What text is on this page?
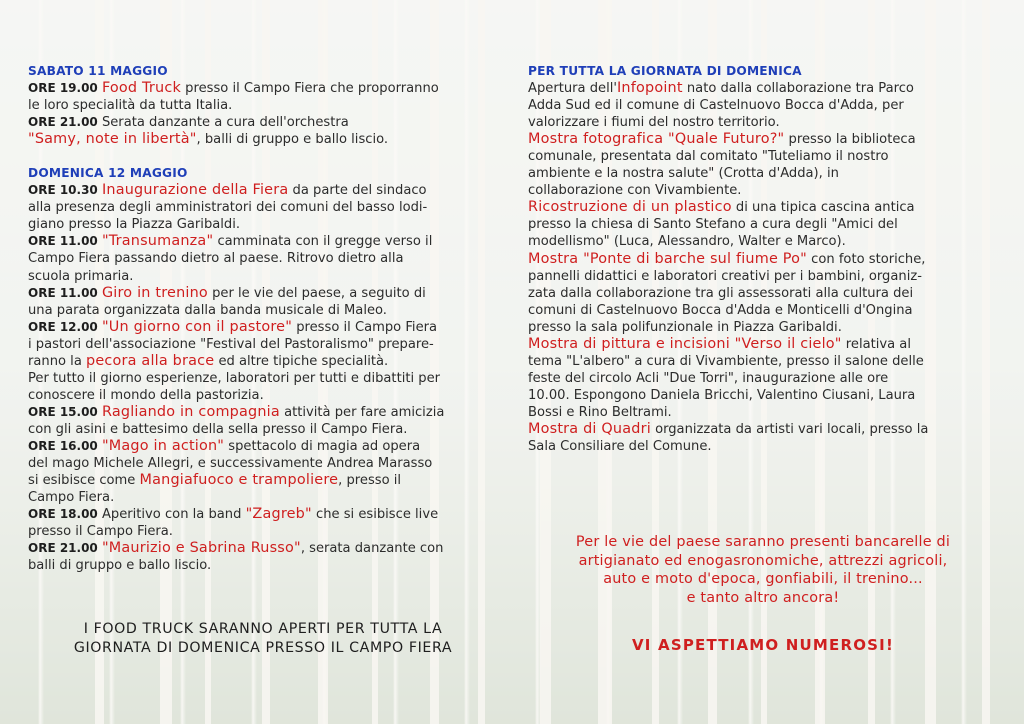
SABATO 11 MAGGIO
ORE 19.00 Food Truck presso il Campo Fiera che proporranno
le loro specialità da tutta Italia.
ORE 21.00 Serata danzante a cura dell'orchestra
"Samy, note in libertà", balli di gruppo e ballo liscio.
DOMENICA 12 MAGGIO
ORE 10.30 Inaugurazione della Fiera da parte del sindaco
alla presenza degli amministratori dei comuni del basso lodi-
giano presso la Piazza Garibaldi.
ORE 11.00 "Transumanza" camminata con il gregge verso il
Campo Fiera passando dietro al paese. Ritrovo dietro alla
scuola primaria.
ORE 11.00 Giro in trenino per le vie del paese, a seguito di
una parata organizzata dalla banda musicale di Maleo.
ORE 12.00 "Un giorno con il pastore" presso il Campo Fiera
i pastori dell'associazione "Festival del Pastoralismo" prepare-
ranno la pecora alla brace ed altre tipiche specialità.
Per tutto il giorno esperienze, laboratori per tutti e dibattiti per
conoscere il mondo della pastorizia.
ORE 15.00 Ragliando in compagnia attività per fare amicizia
con gli asini e battesimo della sella presso il Campo Fiera.
ORE 16.00 "Mago in action" spettacolo di magia ad opera
del mago Michele Allegri, e successivamente Andrea Marasso
si esibisce come Mangiafuoco e trampoliere, presso il
Campo Fiera.
ORE 18.00 Aperitivo con la band "Zagreb" che si esibisce live
presso il Campo Fiera.
ORE 21.00 "Maurizio e Sabrina Russo", serata danzante con
balli di gruppo e ballo liscio.
I FOOD TRUCK SARANNO APERTI PER TUTTA LA
GIORNATA DI DOMENICA PRESSO IL CAMPO FIERA
PER TUTTA LA GIORNATA DI DOMENICA
Apertura dell'Infopoint nato dalla collaborazione tra Parco
Adda Sud ed il comune di Castelnuovo Bocca d'Adda, per
valorizzare i fiumi del nostro territorio.
Mostra fotografica "Quale Futuro?" presso la biblioteca
comunale, presentata dal comitato "Tuteliamo il nostro
ambiente e la nostra salute" (Crotta d'Adda), in
collaborazione con Vivambiente.
Ricostruzione di un plastico di una tipica cascina antica
presso la chiesa di Santo Stefano a cura degli "Amici del
modellismo" (Luca, Alessandro, Walter e Marco).
Mostra "Ponte di barche sul fiume Po" con foto storiche,
pannelli didattici e laboratori creativi per i bambini, organiz-
zata dalla collaborazione tra gli assessorati alla cultura dei
comuni di Castelnuovo Bocca d'Adda e Monticelli d'Ongina
presso la sala polifunzionale in Piazza Garibaldi.
Mostra di pittura e incisioni "Verso il cielo" relativa al
tema "L'albero" a cura di Vivambiente, presso il salone delle
feste del circolo Acli "Due Torri", inaugurazione alle ore
10.00. Espongono Daniela Bricchi, Valentino Ciusani, Laura
Bossi e Rino Beltrami.
Mostra di Quadri organizzata da artisti vari locali, presso la
Sala Consiliare del Comune.
Per le vie del paese saranno presenti bancarelle di
artigianato ed enogasronomiche, attrezzi agricoli,
auto e moto d'epoca, gonfiabili, il trenino...
e tanto altro ancora!
VI ASPETTIAMO NUMEROSI!
